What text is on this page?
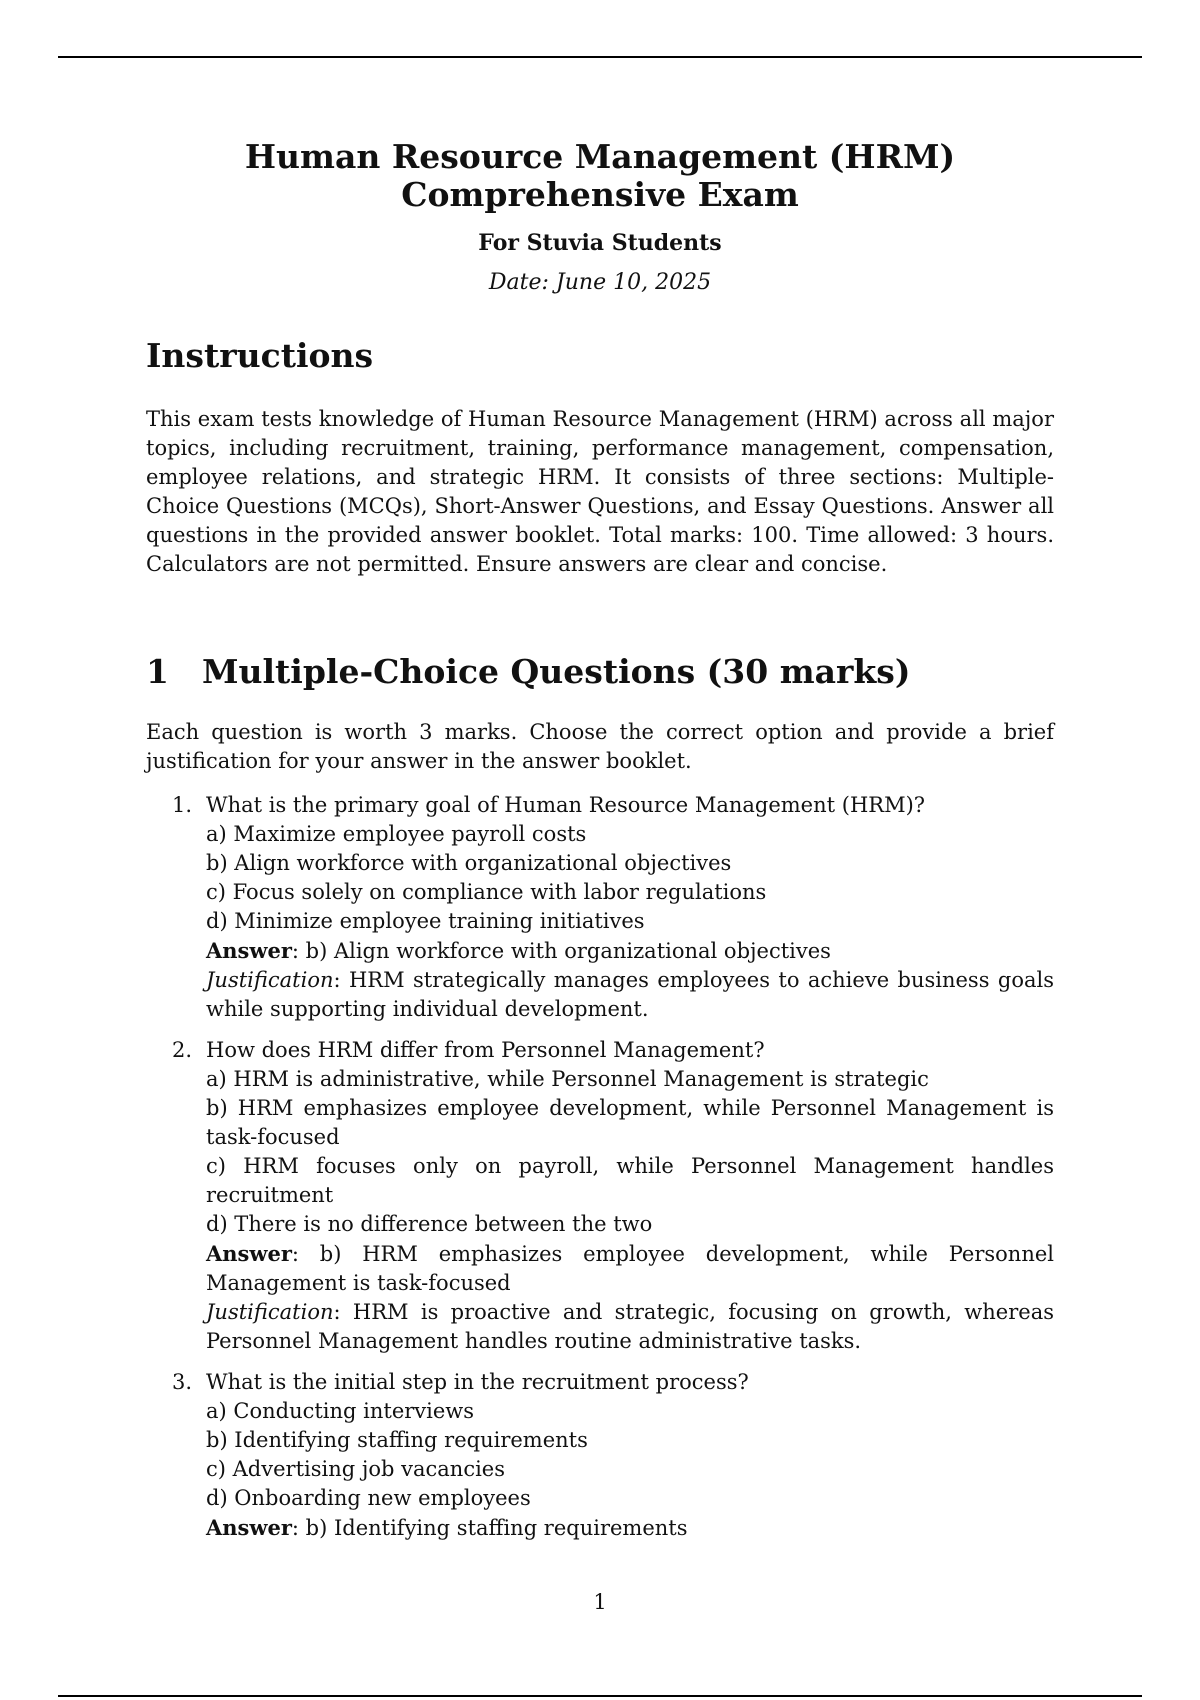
Human Resource Management (HRM)
Comprehensive Exam
For Stuvia Students
Date: June 10, 2025
Instructions

This exam tests knowledge of Human Resource Management (HRM) across all major topics, including recruitment, training, performance management, compensation, employee relations, and strategic HRM. It consists of three sections: Multiple-Choice Questions (MCQs), Short-Answer Questions, and Essay Questions. Answer all questions in the provided answer booklet. Total marks: 100. Time allowed: 3 hours. Calculators are not permitted. Ensure answers are clear and concise.

1 Multiple-Choice Questions (30 marks)

Each question is worth 3 marks. Choose the correct option and provide a brief justification for your answer in the answer booklet.

1. What is the primary goal of Human Resource Management (HRM)?
a) Maximize employee payroll costs
b) Align workforce with organizational objectives
c) Focus solely on compliance with labor regulations
d) Minimize employee training initiatives
Answer: b) Align workforce with organizational objectives
Justification: HRM strategically manages employees to achieve business goals while supporting individual development.
2. How does HRM differ from Personnel Management?
a) HRM is administrative, while Personnel Management is strategic
b) HRM emphasizes employee development, while Personnel Management is task-focused
c) HRM focuses only on payroll, while Personnel Management handles recruitment
d) There is no difference between the two
Answer: b) HRM emphasizes employee development, while Personnel Management is task-focused
Justification: HRM is proactive and strategic, focusing on growth, whereas Personnel Management handles routine administrative tasks.
3. What is the initial step in the recruitment process?
a) Conducting interviews
b) Identifying staffing requirements
c) Advertising job vacancies
d) Onboarding new employees
Answer: b) Identifying staffing requirements
1
